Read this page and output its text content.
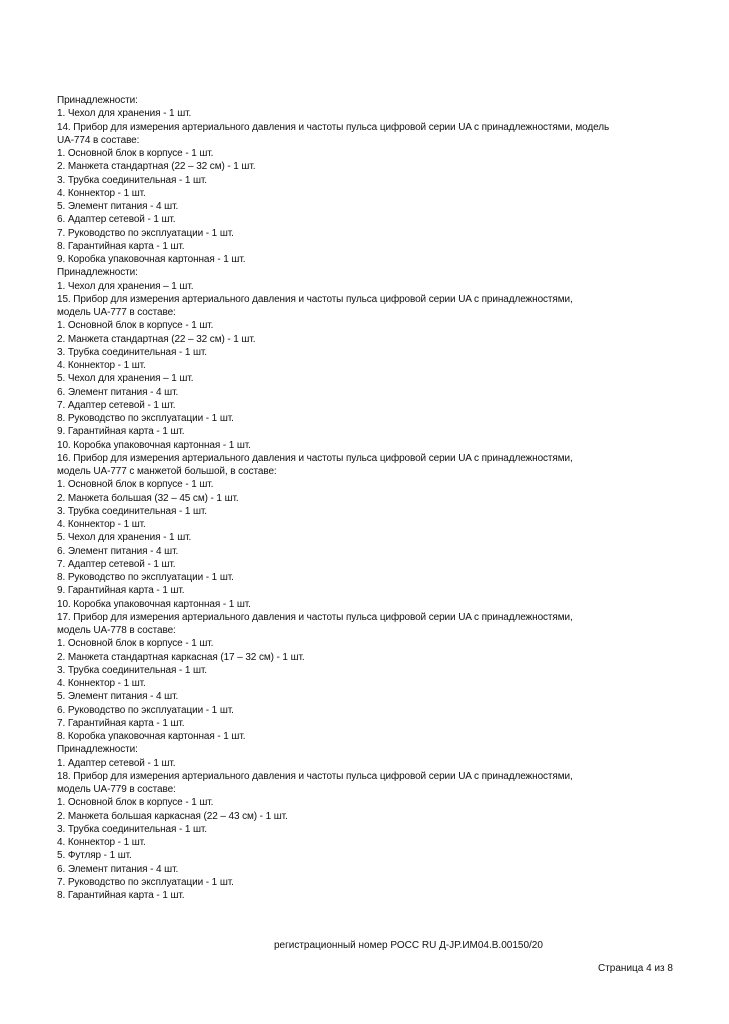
Принадлежности:
1. Чехол для хранения - 1 шт.
14. Прибор для измерения артериального давления и частоты пульса цифровой серии UA с принадлежностями, модель
UA-774 в составе:
1. Основной блок в корпусе - 1 шт.
2. Манжета стандартная (22 – 32 см) - 1 шт.
3. Трубка соединительная - 1 шт.
4. Коннектор - 1 шт.
5. Элемент питания - 4 шт.
6. Адаптер сетевой - 1 шт.
7. Руководство по эксплуатации - 1 шт.
8. Гарантийная карта - 1 шт.
9. Коробка упаковочная картонная - 1 шт.
Принадлежности:
1. Чехол для хранения – 1 шт.
15. Прибор для измерения артериального давления и частоты пульса цифровой серии UA с принадлежностями,
модель UA-777 в составе:
1. Основной блок в корпусе - 1 шт.
2. Манжета стандартная (22 – 32 см) - 1 шт.
3. Трубка соединительная - 1 шт.
4. Коннектор - 1 шт.
5. Чехол для хранения – 1 шт.
6. Элемент питания - 4 шт.
7. Адаптер сетевой - 1 шт.
8. Руководство по эксплуатации - 1 шт.
9. Гарантийная карта - 1 шт.
10. Коробка упаковочная картонная - 1 шт.
16. Прибор для измерения артериального давления и частоты пульса цифровой серии UA с принадлежностями,
модель UA-777 с манжетой большой, в составе:
1. Основной блок в корпусе - 1 шт.
2. Манжета большая (32 – 45 см) - 1 шт.
3. Трубка соединительная - 1 шт.
4. Коннектор - 1 шт.
5. Чехол для хранения - 1 шт.
6. Элемент питания - 4 шт.
7. Адаптер сетевой - 1 шт.
8. Руководство по эксплуатации - 1 шт.
9. Гарантийная карта - 1 шт.
10. Коробка упаковочная картонная - 1 шт.
17. Прибор для измерения артериального давления и частоты пульса цифровой серии UA с принадлежностями,
модель UA-778 в составе:
1. Основной блок в корпусе - 1 шт.
2. Манжета стандартная каркасная (17 – 32 см) - 1 шт.
3. Трубка соединительная - 1 шт.
4. Коннектор - 1 шт.
5. Элемент питания - 4 шт.
6. Руководство по эксплуатации - 1 шт.
7. Гарантийная карта - 1 шт.
8. Коробка упаковочная картонная - 1 шт.
Принадлежности:
1. Адаптер сетевой - 1 шт.
18. Прибор для измерения артериального давления и частоты пульса цифровой серии UA с принадлежностями,
модель UA-779 в составе:
1. Основной блок в корпусе - 1 шт.
2. Манжета большая каркасная (22 – 43 см) - 1 шт.
3. Трубка соединительная - 1 шт.
4. Коннектор - 1 шт.
5. Футляр - 1 шт.
6. Элемент питания - 4 шт.
7. Руководство по эксплуатации - 1 шт.
8. Гарантийная карта - 1 шт.
регистрационный номер РОСС RU Д-JP.ИМ04.В.00150/20
Страница 4 из 8
